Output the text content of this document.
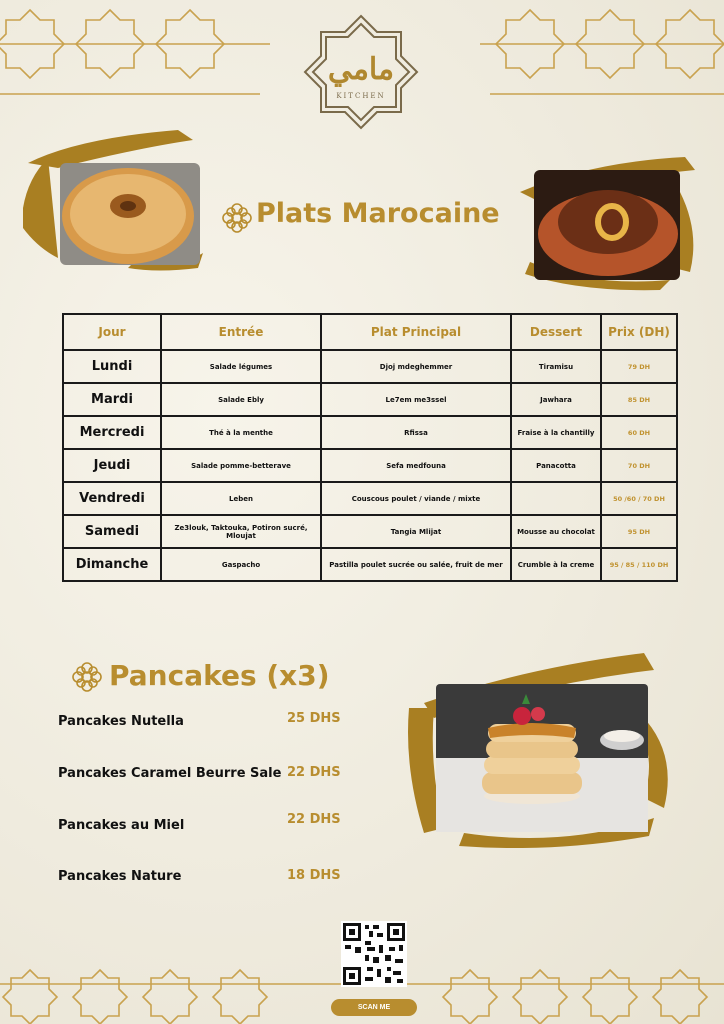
مامي
KITCHEN
Plats Marocaine
Jour	Entrée	Plat Principal	Dessert	Prix (DH)
Lundi	Salade légumes	Djoj mdeghemmer	Tiramisu	79 DH
Mardi	Salade Ebly	Le7em me3ssel	Jawhara	85 DH
Mercredi	Thé à la menthe	Rfissa	Fraise à la chantilly	60 DH
Jeudi	Salade pomme-betterave	Sefa medfouna	Panacotta	70 DH
Vendredi	Leben	Couscous poulet / viande / mixte		50 /60 / 70 DH
Samedi	Ze3louk, Taktouka, Potiron sucré, Mloujat	Tangia Mlijat	Mousse au chocolat	95 DH
Dimanche	Gaspacho	Pastilla poulet sucrée ou salée, fruit de mer	Crumble à la creme	95 / 85 / 110 DH
Pancakes (x3)
Pancakes Nutella	25 DHS
Pancakes Caramel Beurre Sale 22 DHS
Pancakes au Miel	22 DHS
Pancakes Nature	18 DHS
SCAN ME
